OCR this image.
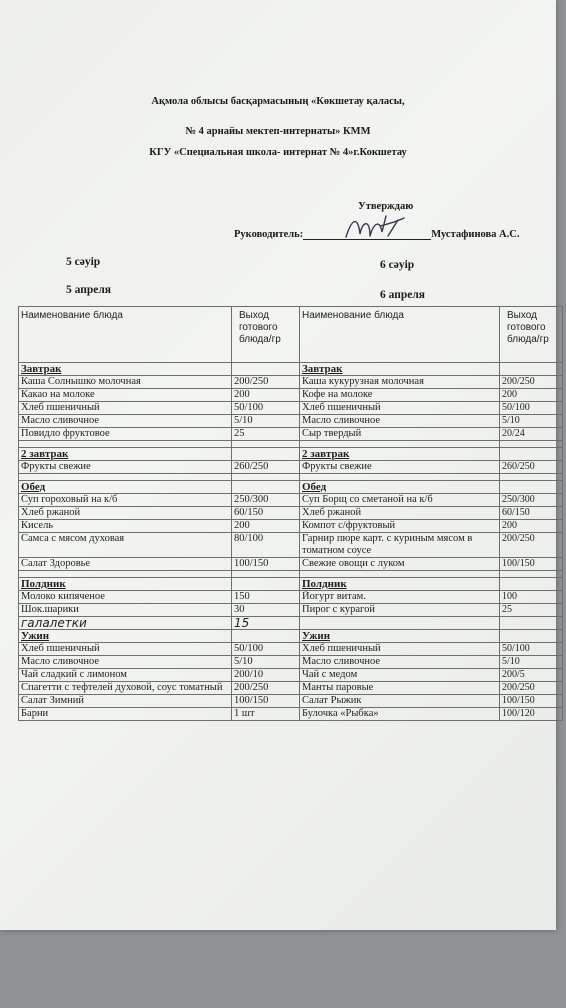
Ақмола облысы басқармасының «Көкшетау қаласы,
№ 4 арнайы мектеп-интернаты» КММ
КГУ «Специальная школа- интернат № 4»г.Кокшетау
Утверждаю
Руководитель:	Мустафинова А.С.
5 сәуір	6 сәуір
5 апреля	6 апреля
Наименование блюда	Выход готового блюда/гр	Наименование блюда	Выход готового блюда/гр
Завтрак		Завтрак	
Каша Солнышко молочная	200/250	Каша кукурузная молочная	200/250
Какао на молоке	200	Кофе на молоке	200
Хлеб пшеничный	50/100	Хлеб пшеничный	50/100
Масло сливочное	5/10	Масло сливочное	5/10
Повидло фруктовое	25	Сыр твердый	20/24

2 завтрак		2 завтрак	
Фрукты свежие	260/250	Фрукты свежие	260/250

Обед		Обед	
Суп гороховый на к/б	250/300	Суп Борщ со сметаной на к/б	250/300
Хлеб ржаной	60/150	Хлеб ржаной	60/150
Кисель	200	Компот с/фруктовый	200
Самса с мясом духовая	80/100	Гарнир пюре карт. с куриным мясом в томатном соусе	200/250
Салат Здоровье	100/150	Свежие овощи с луком	100/150

Полдник		Полдник	
Молоко кипяченое	150	Йогурт витам.	100
Шок.шарики	30	Пирог с курагой	25
галалетки	15		
Ужин		Ужин	
Хлеб пшеничный	50/100	Хлеб пшеничный	50/100
Масло сливочное	5/10	Масло сливочное	5/10
Чай сладкий с лимоном	200/10	Чай с медом	200/5
Спагетти с тефтелей духовой, соус томатный	200/250	Манты паровые	200/250
Салат Зимний	100/150	Салат Рыжик	100/150
Барни	1 шт	Булочка «Рыбка»	100/120
